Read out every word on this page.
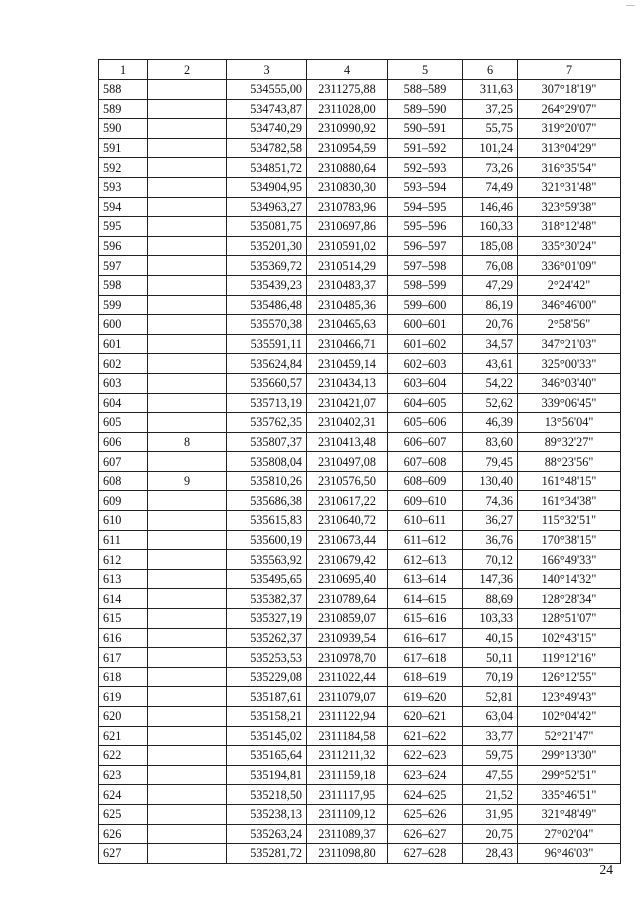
1	2	3	4	5	6	7
588		534555,00	2311275,88	588–589	311,63	307°18'19"
589		534743,87	2311028,00	589–590	37,25	264°29'07"
590		534740,29	2310990,92	590–591	55,75	319°20'07"
591		534782,58	2310954,59	591–592	101,24	313°04'29"
592		534851,72	2310880,64	592–593	73,26	316°35'54"
593		534904,95	2310830,30	593–594	74,49	321°31'48"
594		534963,27	2310783,96	594–595	146,46	323°59'38"
595		535081,75	2310697,86	595–596	160,33	318°12'48"
596		535201,30	2310591,02	596–597	185,08	335°30'24"
597		535369,72	2310514,29	597–598	76,08	336°01'09"
598		535439,23	2310483,37	598–599	47,29	2°24'42"
599		535486,48	2310485,36	599–600	86,19	346°46'00"
600		535570,38	2310465,63	600–601	20,76	2°58'56"
601		535591,11	2310466,71	601–602	34,57	347°21'03"
602		535624,84	2310459,14	602–603	43,61	325°00'33"
603		535660,57	2310434,13	603–604	54,22	346°03'40"
604		535713,19	2310421,07	604–605	52,62	339°06'45"
605		535762,35	2310402,31	605–606	46,39	13°56'04"
606	8	535807,37	2310413,48	606–607	83,60	89°32'27"
607		535808,04	2310497,08	607–608	79,45	88°23'56"
608	9	535810,26	2310576,50	608–609	130,40	161°48'15"
609		535686,38	2310617,22	609–610	74,36	161°34'38"
610		535615,83	2310640,72	610–611	36,27	115°32'51"
611		535600,19	2310673,44	611–612	36,76	170°38'15"
612		535563,92	2310679,42	612–613	70,12	166°49'33"
613		535495,65	2310695,40	613–614	147,36	140°14'32"
614		535382,37	2310789,64	614–615	88,69	128°28'34"
615		535327,19	2310859,07	615–616	103,33	128°51'07"
616		535262,37	2310939,54	616–617	40,15	102°43'15"
617		535253,53	2310978,70	617–618	50,11	119°12'16"
618		535229,08	2311022,44	618–619	70,19	126°12'55"
619		535187,61	2311079,07	619–620	52,81	123°49'43"
620		535158,21	2311122,94	620–621	63,04	102°04'42"
621		535145,02	2311184,58	621–622	33,77	52°21'47"
622		535165,64	2311211,32	622–623	59,75	299°13'30"
623		535194,81	2311159,18	623–624	47,55	299°52'51"
624		535218,50	2311117,95	624–625	21,52	335°46'51"
625		535238,13	2311109,12	625–626	31,95	321°48'49"
626		535263,24	2311089,37	626–627	20,75	27°02'04"
627		535281,72	2311098,80	627–628	28,43	96°46'03"
24
